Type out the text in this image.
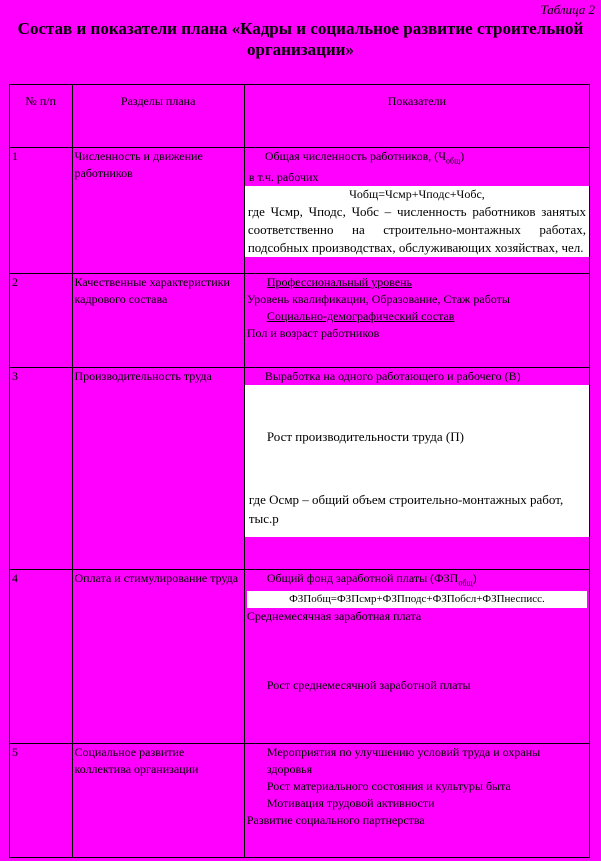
Таблица 2
Состав и показатели плана «Кадры и социальное развитие строительной организации»
№ п/п	Разделы плана	Показатели
1	Численность и движение работников	Общая численность работников, $(Ч_{общ})$
в т.ч. рабочих
Чобщ=Чсмр+Чподс+Чобс,
где Чсмр, Чподс, Чобс – численность работников занятых соответственно на строительно-монтажных работах, подсобных производствах, обслуживающих хозяйствах, чел.

2	Качественные характеристики кадрового состава	Профессиональный уровень
Уровень квалификации, Образование, Стаж работы
Социально-демографический состав
Пол и возраст работников

3	Производительность труда	Выработка на одного работающего и рабочего (В)
Рост производительности труда (П)
где Oсмр – общий объем строительно-монтажных работ, тыс.р

4	Оплата и стимулирование труда	Общий фонд заработной платы $(ФЗП_{общ})$
ФЗПобщ=ФЗПсмр+ФЗПподс+ФЗПобсл+ФЗПнесписс.
Среднемесячная заработная плата
Рост среднемесячной заработной платы

5	Социальное развитие коллектива организации	Мероприятия по улучшению условий труда и охраны здоровья
Рост материального состояния и культуры быта
Мотивация трудовой активности
Развитие социального партнерства
